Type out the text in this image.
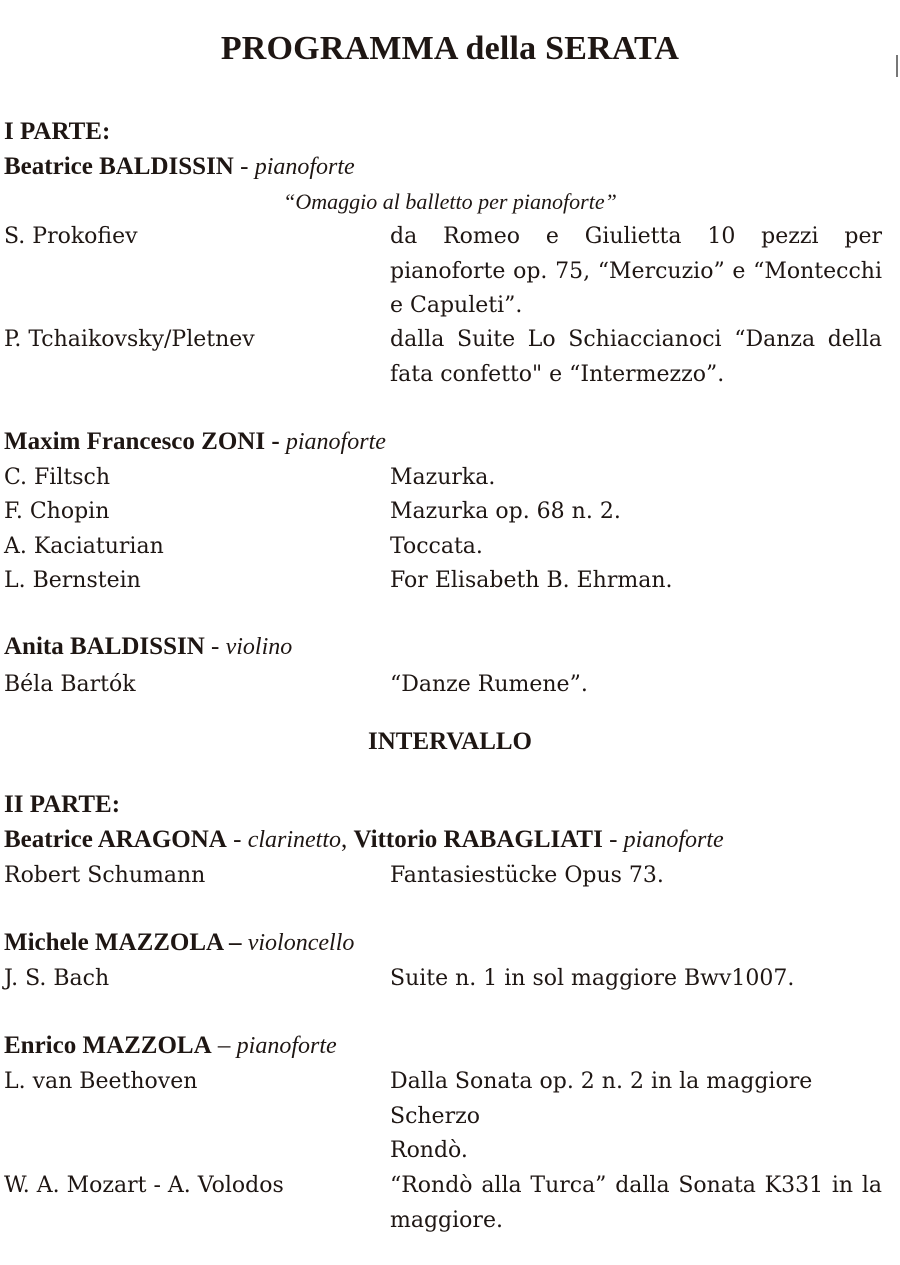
PROGRAMMA della SERATA
I PARTE:
Beatrice BALDISSIN - pianoforte
“Omaggio al balletto per pianoforte”
S. Prokofiev	da Romeo e Giulietta 10 pezzi per pianoforte op. 75, “Mercuzio” e “Montecchi e Capuleti”.
P. Tchaikovsky/Pletnev	dalla Suite Lo Schiaccianoci “Danza della fata confetto" e “Intermezzo”.
Maxim Francesco ZONI - pianoforte
C. Filtsch	Mazurka.
F. Chopin	Mazurka op. 68 n. 2.
A. Kaciaturian	Toccata.
L. Bernstein	For Elisabeth B. Ehrman.
Anita BALDISSIN - violino
Béla Bartók	“Danze Rumene”.
INTERVALLO
II PARTE:
Beatrice ARAGONA - clarinetto, Vittorio RABAGLIATI - pianoforte
Robert Schumann	Fantasiestücke Opus 73.
Michele MAZZOLA – violoncello
J. S. Bach	Suite n. 1 in sol maggiore Bwv1007.
Enrico MAZZOLA – pianoforte
L. van Beethoven	Dalla Sonata op. 2 n. 2 in la maggiore
Scherzo
Rondò.
W. A. Mozart - A. Volodos	“Rondò alla Turca” dalla Sonata K331 in la maggiore.
